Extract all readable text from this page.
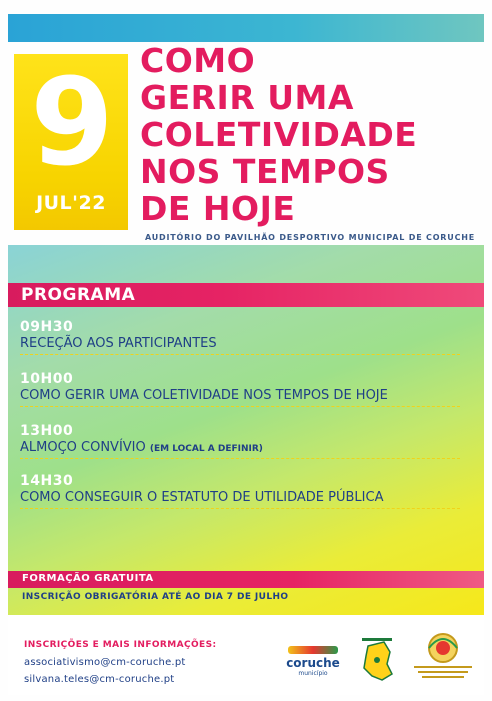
9
JUL'22
COMO
GERIR UMA
COLETIVIDADE
NOS TEMPOS
DE HOJE
AUDITÓRIO DO PAVILHÃO DESPORTIVO MUNICIPAL DE CORUCHE
PROGRAMA
09H30
RECEÇÃO AOS PARTICIPANTES
10H00
COMO GERIR UMA COLETIVIDADE NOS TEMPOS DE HOJE
13H00
ALMOÇO CONVÍVIO (EM LOCAL A DEFINIR)
14H30
COMO CONSEGUIR O ESTATUTO DE UTILIDADE PÚBLICA
FORMAÇÃO GRATUITA
INSCRIÇÃO OBRIGATÓRIA ATÉ AO DIA 7 DE JULHO
INSCRIÇÕES E MAIS INFORMAÇÕES:
associativismo@cm-coruche.pt
silvana.teles@cm-coruche.pt
coruche
município
